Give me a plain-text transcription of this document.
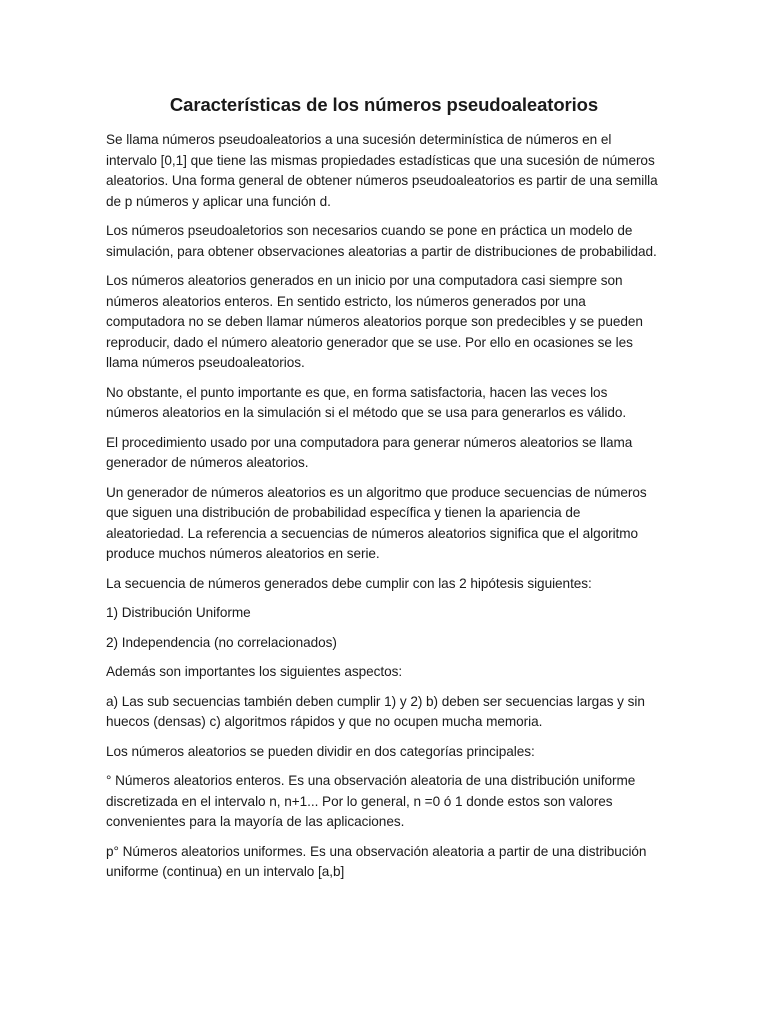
Características de los números pseudoaleatorios

Se llama números pseudoaleatorios a una sucesión determinística de números en el intervalo [0,1] que tiene las mismas propiedades estadísticas que una sucesión de números aleatorios. Una forma general de obtener números pseudoaleatorios es partir de una semilla de p números y aplicar una función d.

Los números pseudoaletorios son necesarios cuando se pone en práctica un modelo de simulación, para obtener observaciones aleatorias a partir de distribuciones de probabilidad.

Los números aleatorios generados en un inicio por una computadora casi siempre son números aleatorios enteros. En sentido estricto, los números generados por una computadora no se deben llamar números aleatorios porque son predecibles y se pueden reproducir, dado el número aleatorio generador que se use. Por ello en ocasiones se les llama números pseudoaleatorios.

No obstante, el punto importante es que, en forma satisfactoria, hacen las veces los números aleatorios en la simulación si el método que se usa para generarlos es válido.

El procedimiento usado por una computadora para generar números aleatorios se llama generador de números aleatorios.

Un generador de números aleatorios es un algoritmo que produce secuencias de números que siguen una distribución de probabilidad específica y tienen la apariencia de aleatoriedad. La referencia a secuencias de números aleatorios significa que el algoritmo produce muchos números aleatorios en serie.

La secuencia de números generados debe cumplir con las 2 hipótesis siguientes:

1) Distribución Uniforme

2) Independencia (no correlacionados)

Además son importantes los siguientes aspectos:

a) Las sub secuencias también deben cumplir 1) y 2) b) deben ser secuencias largas y sin huecos (densas) c) algoritmos rápidos y que no ocupen mucha memoria.

Los números aleatorios se pueden dividir en dos categorías principales:

° Números aleatorios enteros. Es una observación aleatoria de una distribución uniforme discretizada en el intervalo n, n+1... Por lo general, n =0 ó 1 donde estos son valores convenientes para la mayoría de las aplicaciones.

p° Números aleatorios uniformes. Es una observación aleatoria a partir de una distribución uniforme (continua) en un intervalo [a,b]
